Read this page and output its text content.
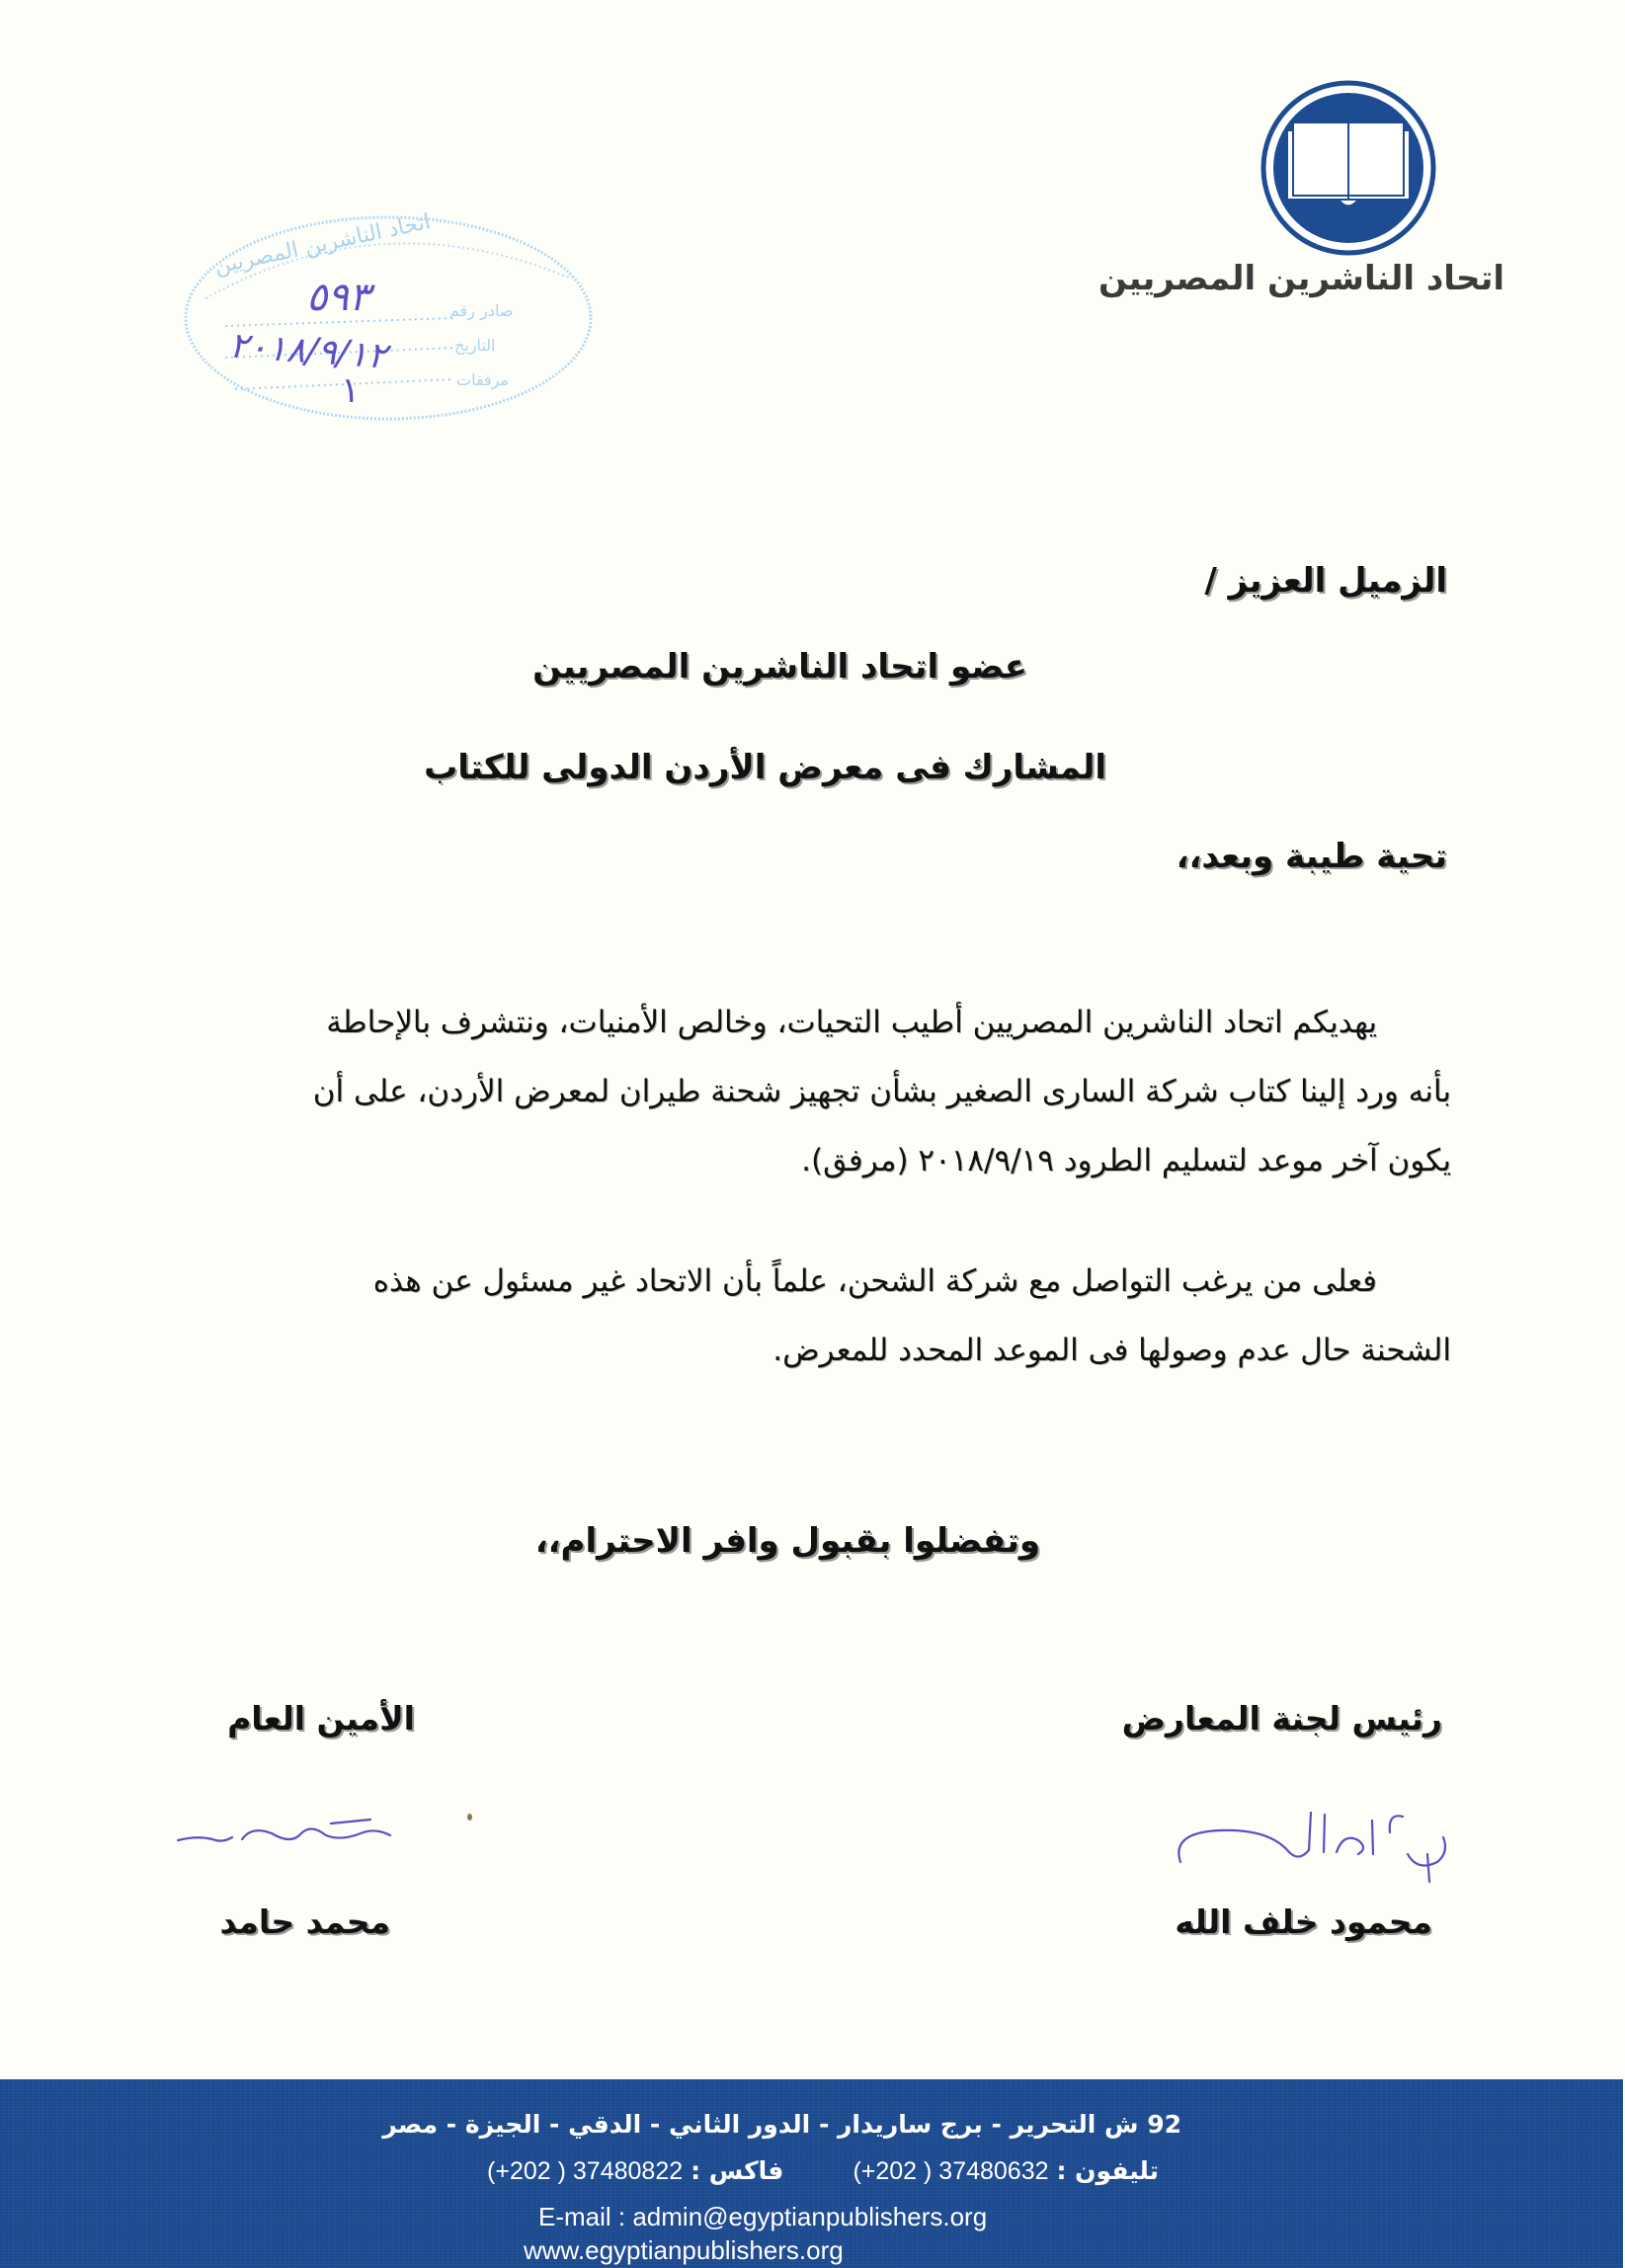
اتحاد الناشرين المصريين
اتحاد الناشرين المصريين
صادر رقم
التاريخ
مرفقات
٥٩٣
٢٠١٨/٩/١٢
١
الزميل العزيز /
عضو اتحاد الناشرين المصريين
المشارك فى معرض الأردن الدولى للكتاب
تحية طيبة وبعد،،
يهديكم اتحاد الناشرين المصريين أطيب التحيات، وخالص الأمنيات، ونتشرف بالإحاطة
بأنه ورد إلينا كتاب شركة السارى الصغير بشأن تجهيز شحنة طيران لمعرض الأردن، على أن
يكون آخر موعد لتسليم الطرود ٢٠١٨/٩/١٩ (مرفق).
فعلى من يرغب التواصل مع شركة الشحن، علماً بأن الاتحاد غير مسئول عن هذه
الشحنة حال عدم وصولها فى الموعد المحدد للمعرض.
وتفضلوا بقبول وافر الاحترام،،
رئيس لجنة المعارض
الأمين العام
محمود خلف الله
محمد حامد
92 ش التحرير - برج ساريدار - الدور الثاني - الدقي - الجيزة - مصر
تليفون : (+202 ) 37480632
فاكس : (+202 ) 37480822
E-mail : admin@egyptianpublishers.org
www.egyptianpublishers.org
